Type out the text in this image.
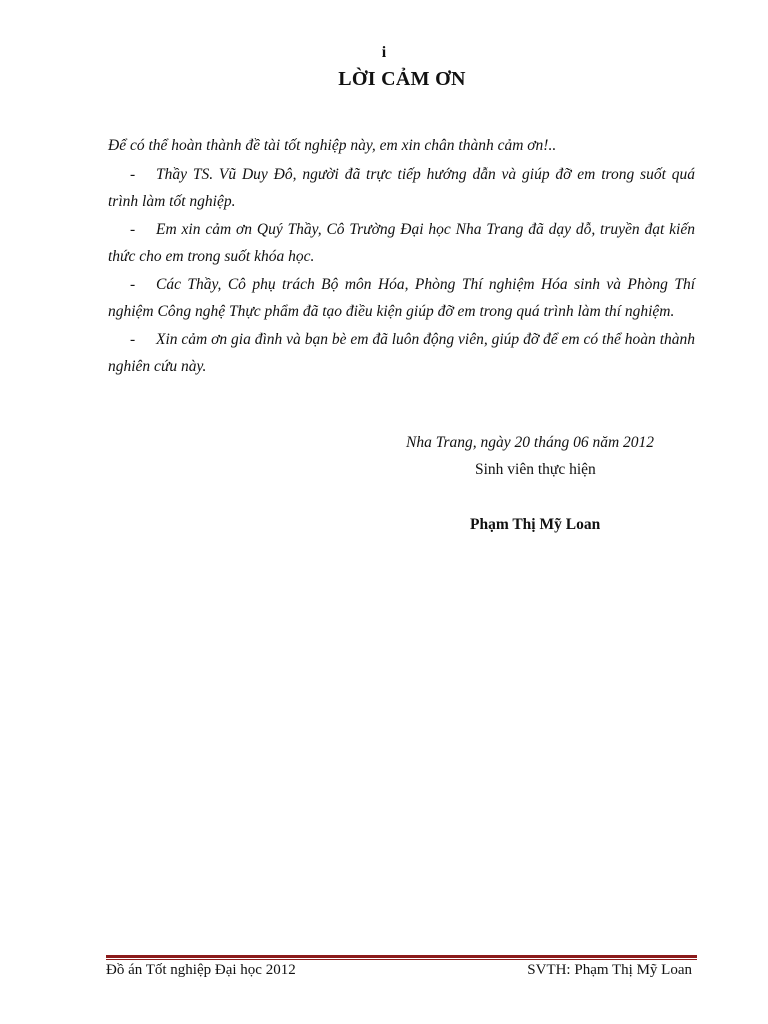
i
LỜI CẢM ƠN

Để có thể hoàn thành đề tài tốt nghiệp này, em xin chân thành cảm ơn!..

- Thầy TS. Vũ Duy Đô, người đã trực tiếp hướng dẫn và giúp đỡ em trong suốt quá trình làm tốt nghiệp.

- Em xin cảm ơn Quý Thầy, Cô Trường Đại học Nha Trang đã dạy dỗ, truyền đạt kiến thức cho em trong suốt khóa học.

- Các Thầy, Cô phụ trách Bộ môn Hóa, Phòng Thí nghiệm Hóa sinh và Phòng Thí nghiệm Công nghệ Thực phẩm đã tạo điều kiện giúp đỡ em trong quá trình làm thí nghiệm.

- Xin cảm ơn gia đình và bạn bè em đã luôn động viên, giúp đỡ để em có thể hoàn thành nghiên cứu này.

Nha Trang, ngày 20 tháng 06 năm 2012
Sinh viên thực hiện
Phạm Thị Mỹ Loan
Đồ án Tốt nghiệp Đại học 2012	SVTH: Phạm Thị Mỹ Loan
